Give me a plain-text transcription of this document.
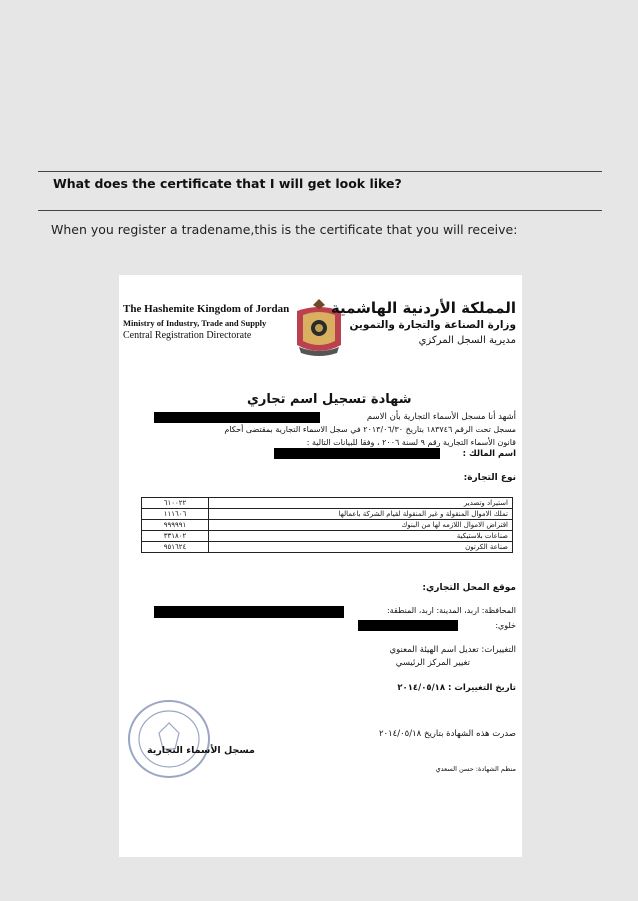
What does the certificate that I will get look like?
When you register a tradename,this is the certificate that you will receive:
The Hashemite Kingdom of Jordan
Ministry of Industry, Trade and Supply
Central Registration Directorate
المملكة الأردنية الهاشمية
وزارة الصناعة والتجارة والتموين
مديرية السجل المركزي
شهادة تسجيل اسم تجاري
أشهد أنا مسجل الأسماء التجارية بأن الاسم
مسجل تحت الرقم ١٨٣٧٤٦ بتاريخ ٢٠١٣/٠٦/٣٠ في سجل الاسماء التجارية بمقتضى أحكام
قانون الأسماء التجارية رقم ٩ لسنة ٢٠٠٦ ، وفقا للبيانات التالية :
اسم المالك :
نوع التجارة:
٦١٠٠٢٢	استيراد وتصدير
١١١٦٠٦	تملك الاموال المنقولة و غير المنقولة لقيام الشركة باعمالها
٩٩٩٩٩١	اقتراض الاموال اللازمه لها من البنوك
٣٣١٨٠٢	صناعات بلاستيكية
٩٥١٦٢٤	صناعة الكرتون
موقع المحل التجاري:
المحافظة: اربد، المدينة: اربد، المنطقة:
خلوي:
التغييرات: تعديل اسم الهيئة المعنوي
تغيير المركز الرئيسي
تاريخ التغييرات : ٢٠١٤/٠٥/١٨
مسجل الأسماء التجارية
صدرت هذه الشهادة بتاريخ ٢٠١٤/٠٥/١٨
منظم الشهادة: حسن السعدي
